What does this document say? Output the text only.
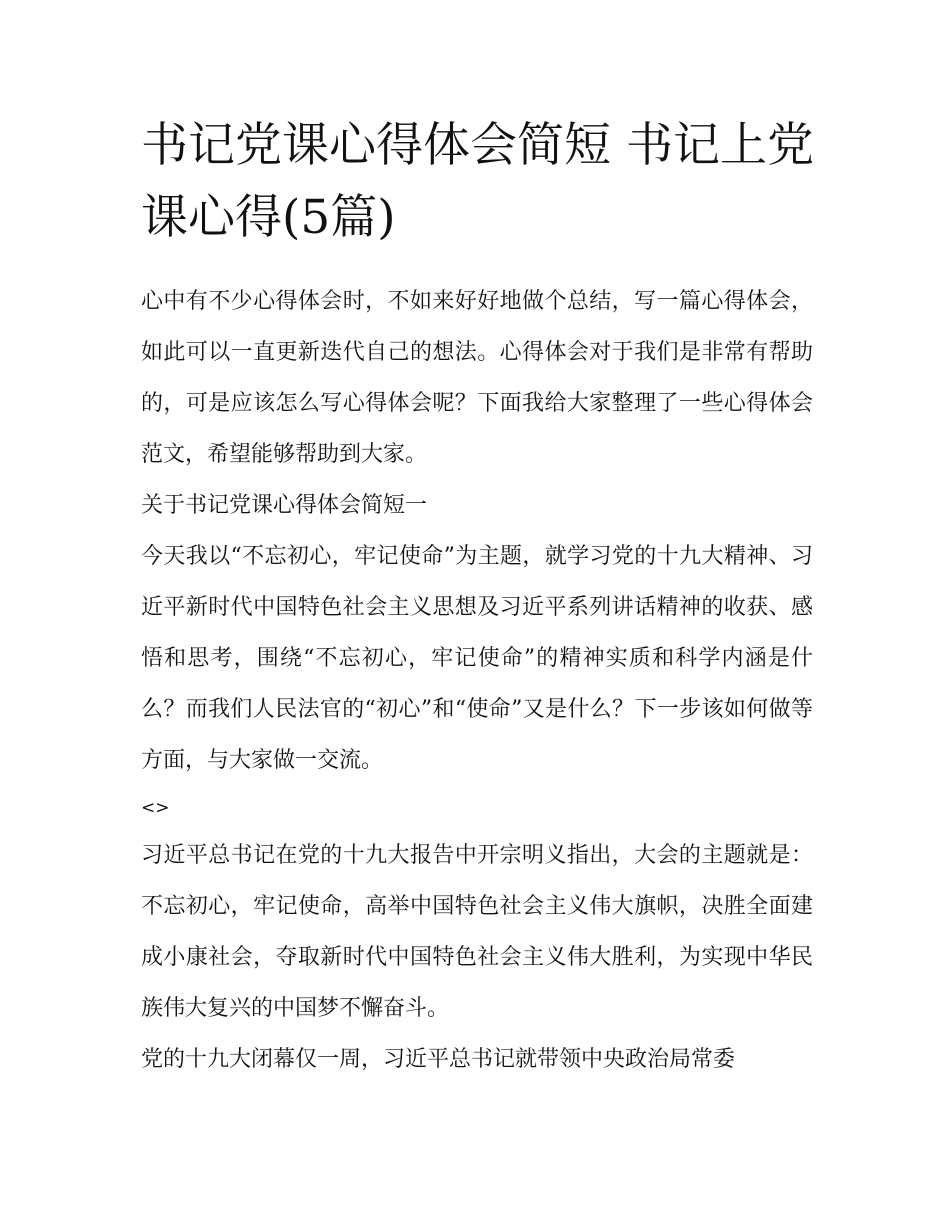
书记党课心得体会简短 书记上党课心得(5篇)

心中有不少心得体会时，不如来好好地做个总结，写一篇心得体会，如此可以一直更新迭代自己的想法。心得体会对于我们是非常有帮助的，可是应该怎么写心得体会呢？下面我给大家整理了一些心得体会范文，希望能够帮助到大家。

关于书记党课心得体会简短一

今天我以“不忘初心，牢记使命”为主题，就学习党的十九大精神、习近平新时代中国特色社会主义思想及习近平系列讲话精神的收获、感悟和思考，围绕“不忘初心，牢记使命”的精神实质和科学内涵是什么？而我们人民法官的“初心”和“使命”又是什么？下一步该如何做等方面，与大家做一交流。

<>

习近平总书记在党的十九大报告中开宗明义指出，大会的主题就是：不忘初心，牢记使命，高举中国特色社会主义伟大旗帜，决胜全面建成小康社会，夺取新时代中国特色社会主义伟大胜利，为实现中华民族伟大复兴的中国梦不懈奋斗。

党的十九大闭幕仅一周，习近平总书记就带领中央政治局常委
